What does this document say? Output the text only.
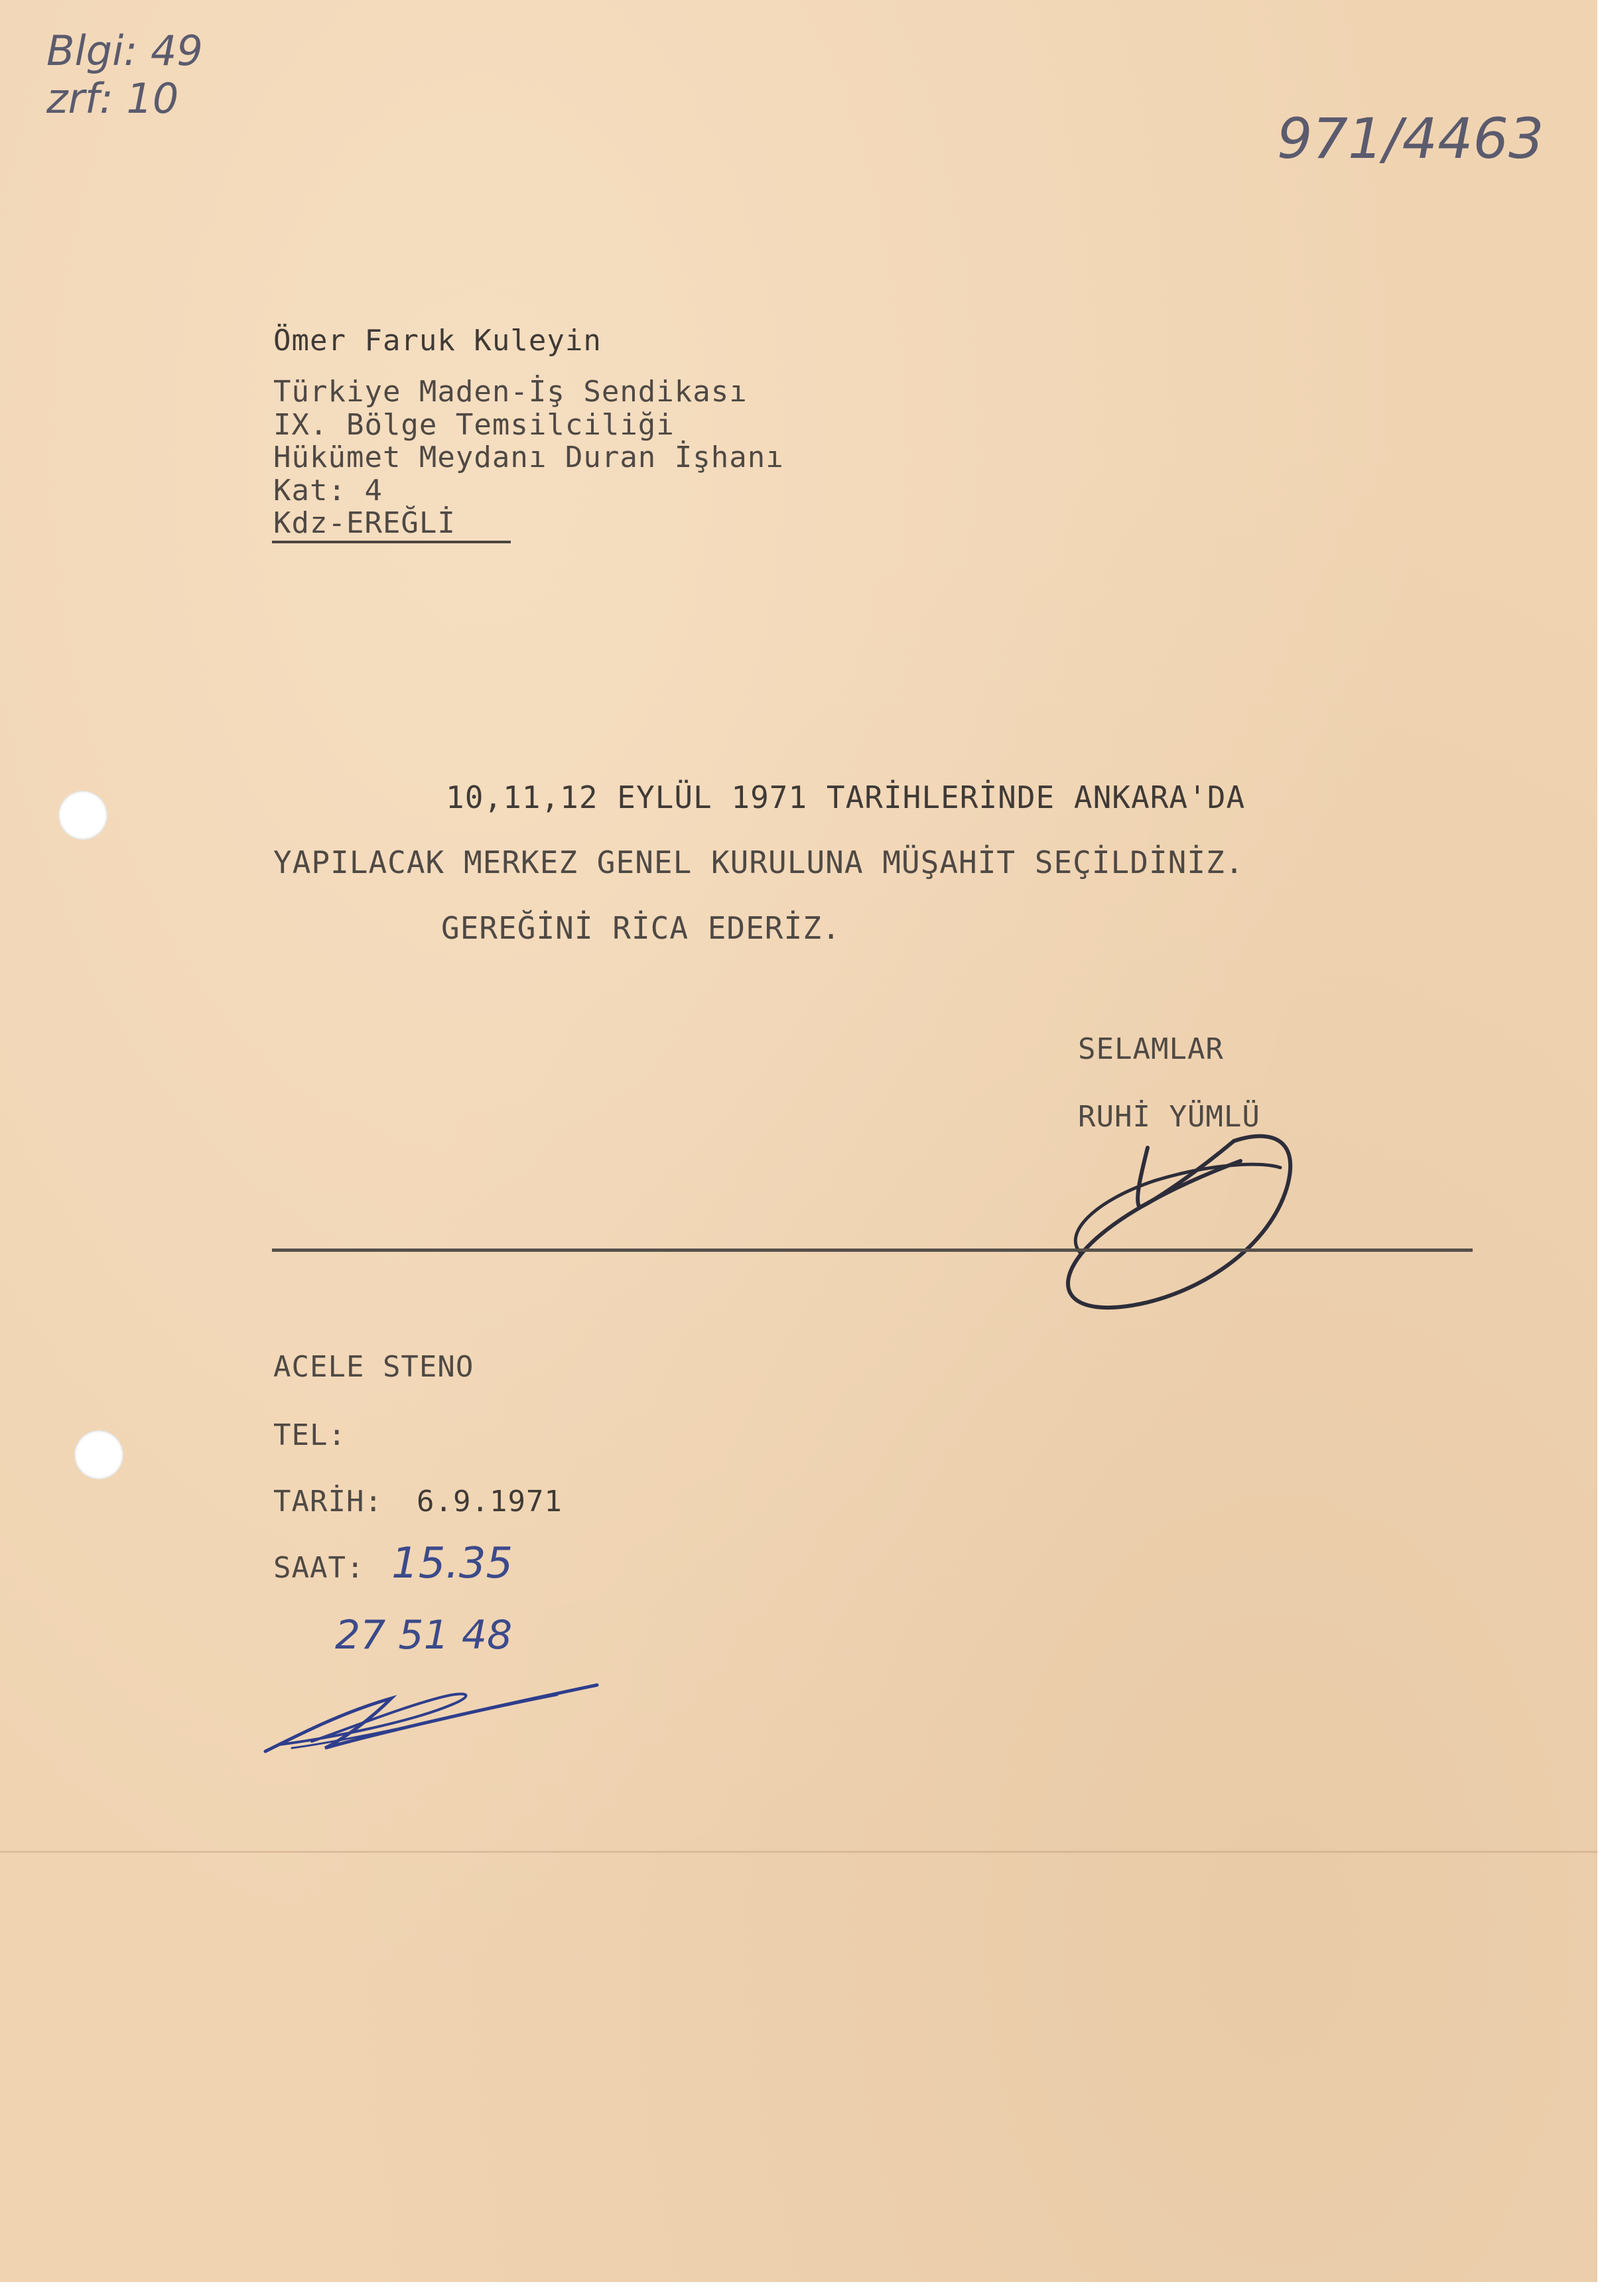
Blgi: 49
zrf: 10
971/4463
Ömer Faruk Kuleyin
Türkiye Maden-İş Sendikası
IX. Bölge Temsilciliği
Hükümet Meydanı Duran İşhanı
Kat: 4
Kdz-EREĞLİ
10,11,12 EYLÜL 1971 TARİHLERİNDE ANKARA'DA
YAPILACAK MERKEZ GENEL KURULUNA MÜŞAHİT SEÇİLDİNİZ.
GEREĞİNİ RİCA EDERİZ.
SELAMLAR
RUHİ YÜMLÜ
ACELE STENO
TEL:
TARİH: 6.9.1971
SAAT: 15.35
27 51 48
